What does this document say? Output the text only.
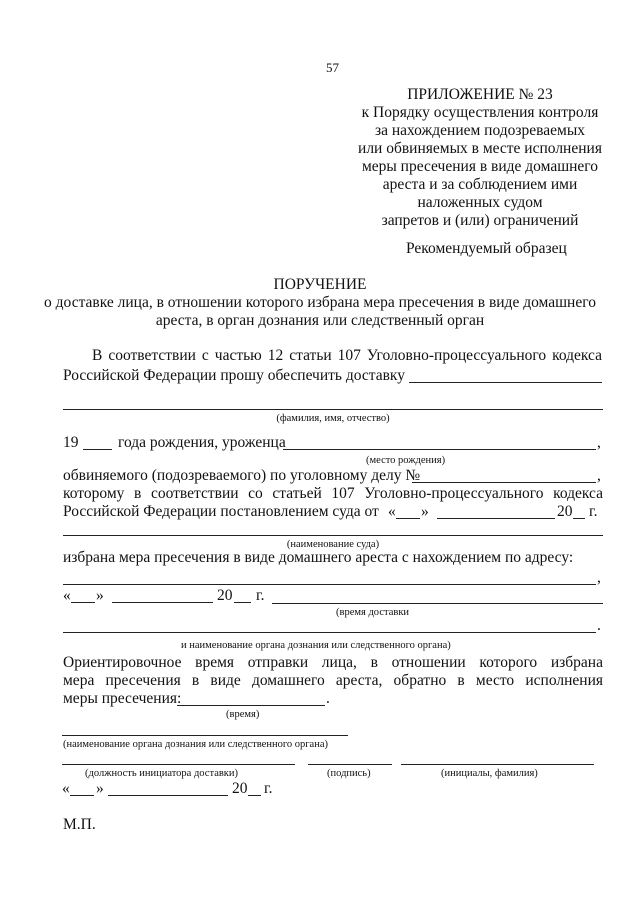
57
ПРИЛОЖЕНИЕ № 23
к Порядку осуществления контроля
за нахождением подозреваемых
или обвиняемых в месте исполнения
меры пресечения в виде домашнего
ареста и за соблюдением ими
наложенных судом
запретов и (или) ограничений
Рекомендуемый образец
ПОРУЧЕНИЕ
о доставке лица, в отношении которого избрана мера пресечения в виде домашнего
ареста, в орган дознания или следственный орган
В соответствии с частью 12 статьи 107 Уголовно-процессуального кодекса
Российской Федерации прошу обеспечить доставку
(фамилия, имя, отчество)
19	года рождения, уроженца	,
(место рождения)
обвиняемого (подозреваемого) по уголовному делу №	,
которому в соответствии со статьей 107 Уголовно-процессуального кодекса
Российской Федерации постановлением суда от « »	20 г.
(наименование суда)
избрана мера пресечения в виде домашнего ареста с нахождением по адресу:
,
« »	20 г.
(время доставки
.
и наименование органа дознания или следственного органа)
Ориентировочное время отправки лица, в отношении которого избрана
мера пресечения в виде домашнего ареста, обратно в место исполнения
меры пресечения:	.
(время)
(наименование органа дознания или следственного органа)
(должность инициатора доставки)	(подпись)	(инициалы, фамилия)
« »	20 г.
М.П.
